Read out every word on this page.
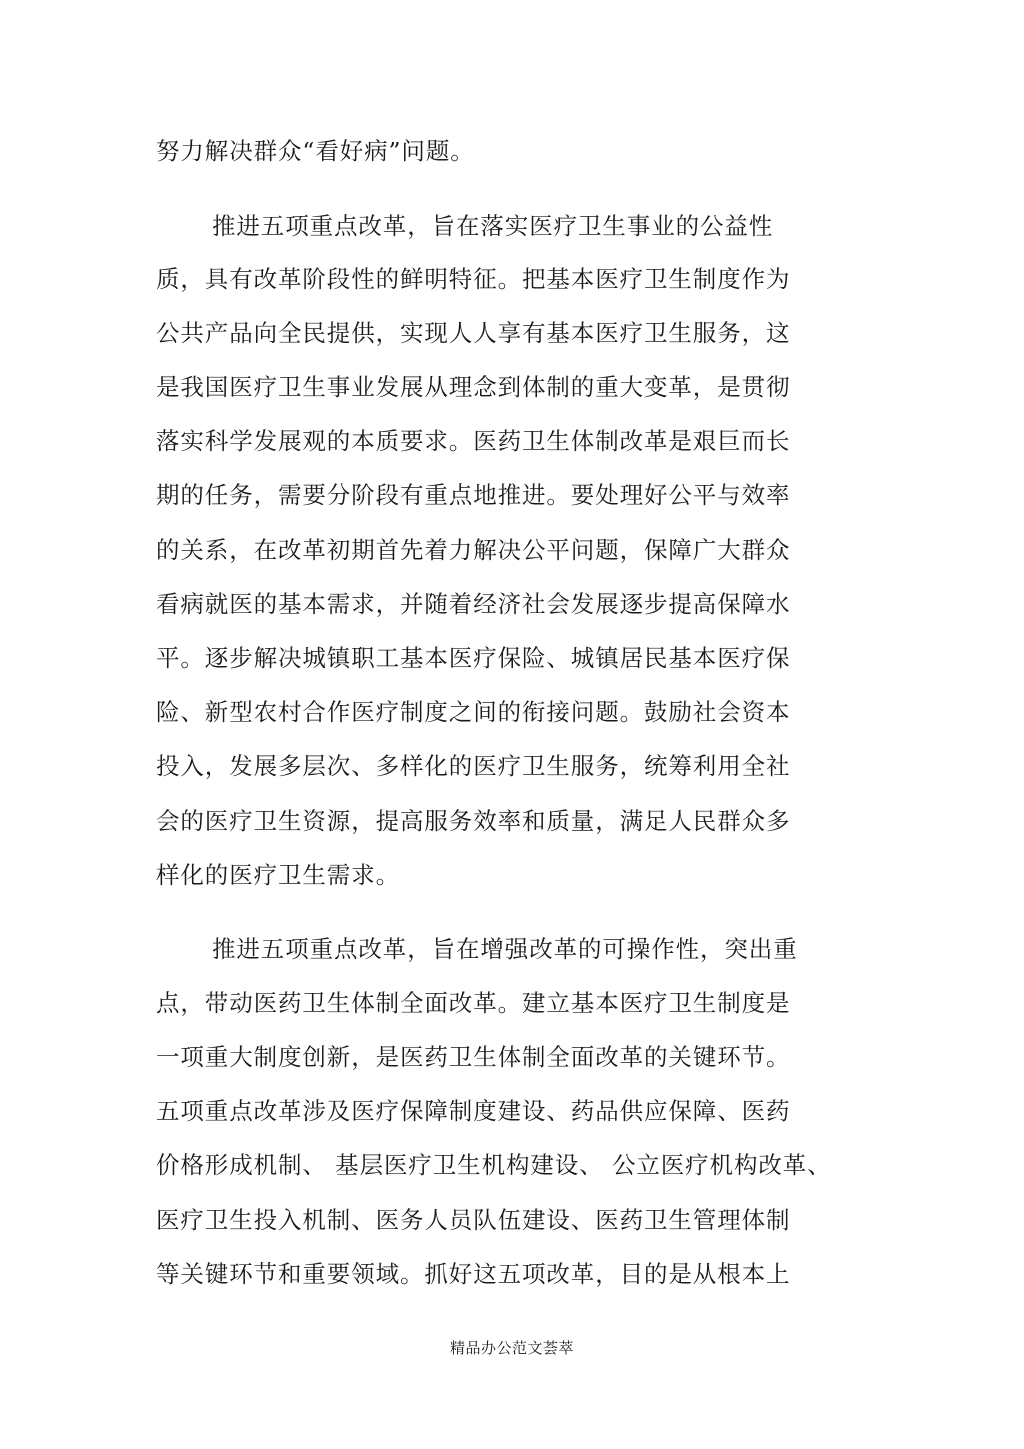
努力解决群众“看好病”问题。
推进五项重点改革，旨在落实医疗卫生事业的公益性
质，具有改革阶段性的鲜明特征。把基本医疗卫生制度作为
公共产品向全民提供，实现人人享有基本医疗卫生服务，这
是我国医疗卫生事业发展从理念到体制的重大变革，是贯彻
落实科学发展观的本质要求。医药卫生体制改革是艰巨而长
期的任务，需要分阶段有重点地推进。要处理好公平与效率
的关系，在改革初期首先着力解决公平问题，保障广大群众
看病就医的基本需求，并随着经济社会发展逐步提高保障水
平。逐步解决城镇职工基本医疗保险、城镇居民基本医疗保
险、新型农村合作医疗制度之间的衔接问题。鼓励社会资本
投入，发展多层次、多样化的医疗卫生服务，统筹利用全社
会的医疗卫生资源，提高服务效率和质量，满足人民群众多
样化的医疗卫生需求。
推进五项重点改革，旨在增强改革的可操作性，突出重
点，带动医药卫生体制全面改革。建立基本医疗卫生制度是
一项重大制度创新，是医药卫生体制全面改革的关键环节。
五项重点改革涉及医疗保障制度建设、药品供应保障、医药
价格形成机制、 基层医疗卫生机构建设、 公立医疗机构改革、
医疗卫生投入机制、医务人员队伍建设、医药卫生管理体制
等关键环节和重要领域。抓好这五项改革，目的是从根本上
精品办公范文荟萃
